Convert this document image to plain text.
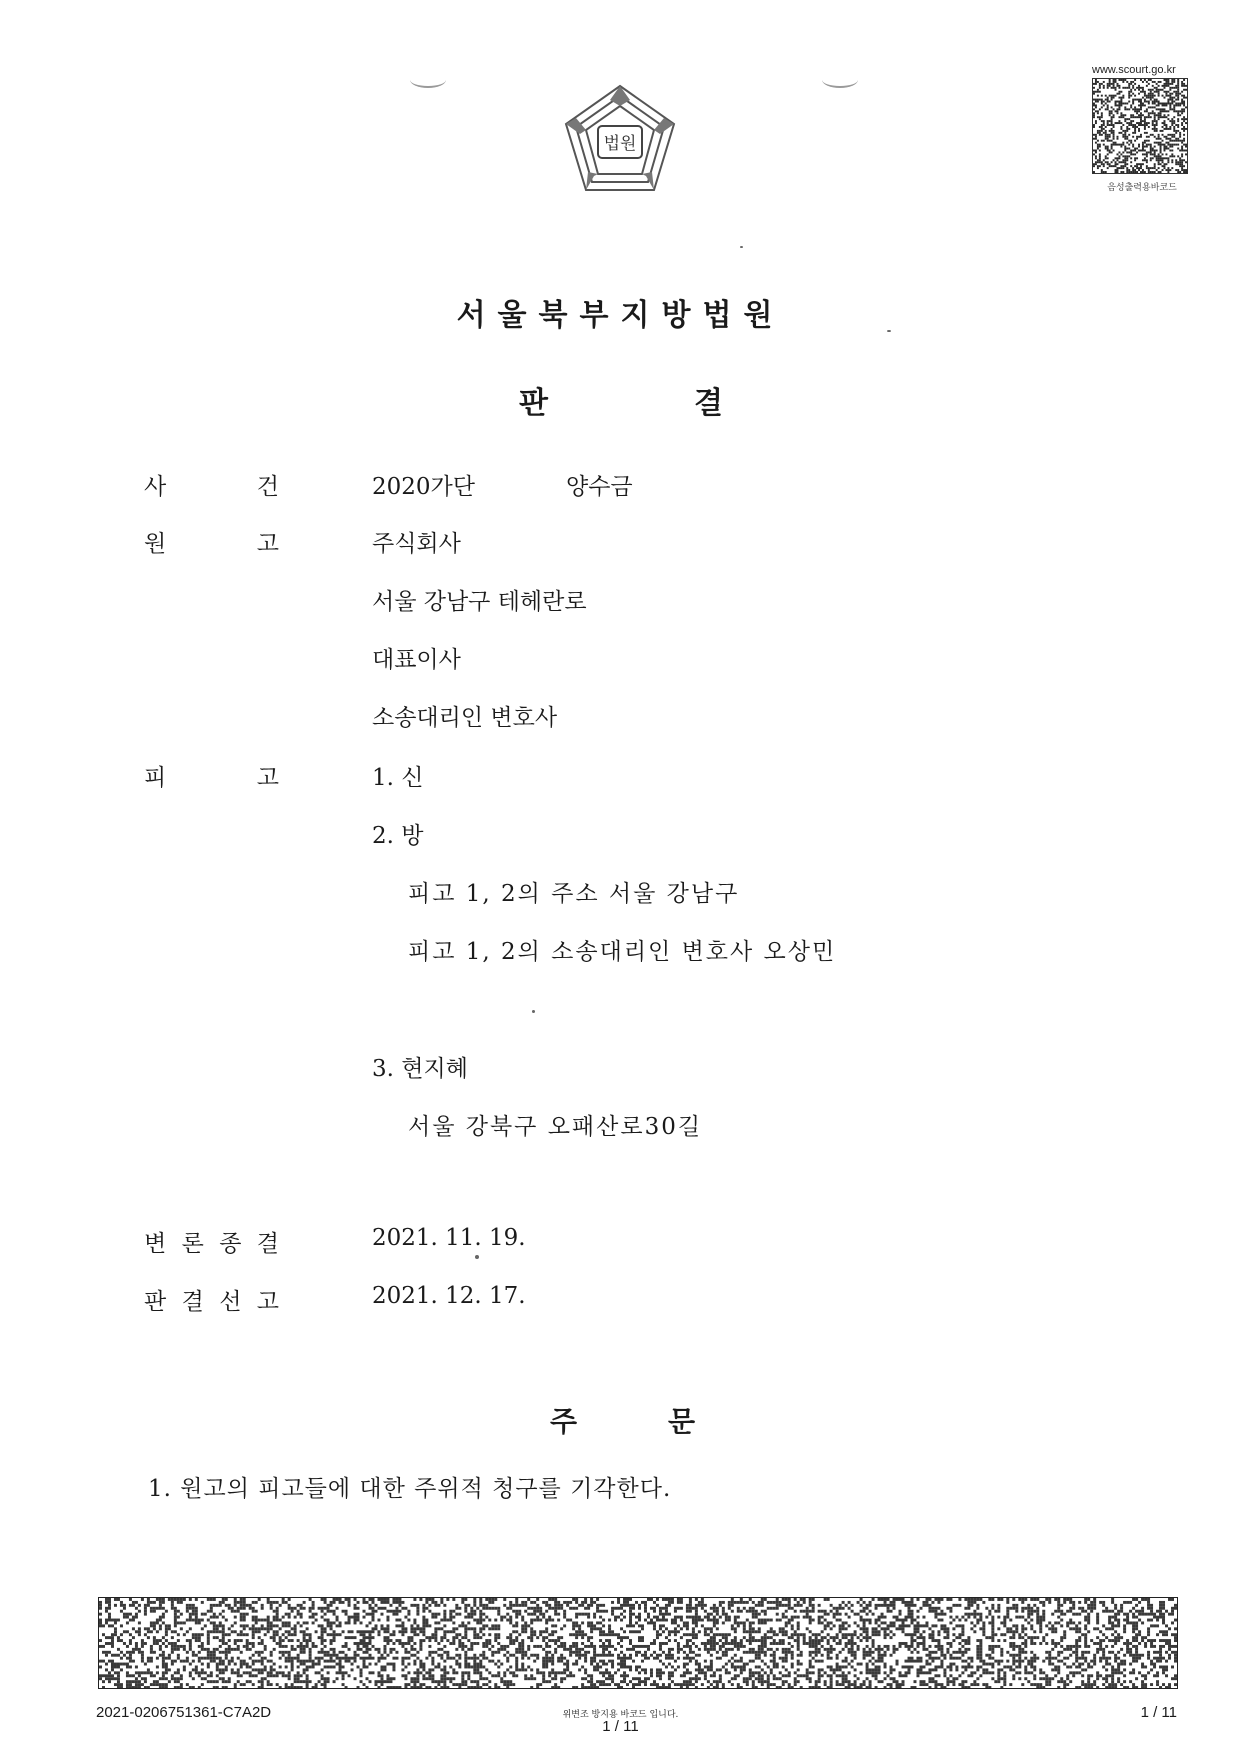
법원
www.scourt.go.kr
음성출력용바코드
서울북부지방법원
판	결
사	건	2020가단	양수금
원	고	주식회사
서울 강남구 테헤란로
대표이사
소송대리인 변호사
피	고	1. 신
2. 방
피고 1, 2의 주소 서울 강남구
피고 1, 2의 소송대리인 변호사 오상민
3. 현지혜
서울 강북구 오패산로30길
변 론 종 결	2021. 11. 19.
판 결 선 고	2021. 12. 17.
주	문
1. 원고의 피고들에 대한 주위적 청구를 기각한다.
2021-0206751361-C7A2D	위변조 방지용 바코드 입니다.
1 / 11
1 / 11
